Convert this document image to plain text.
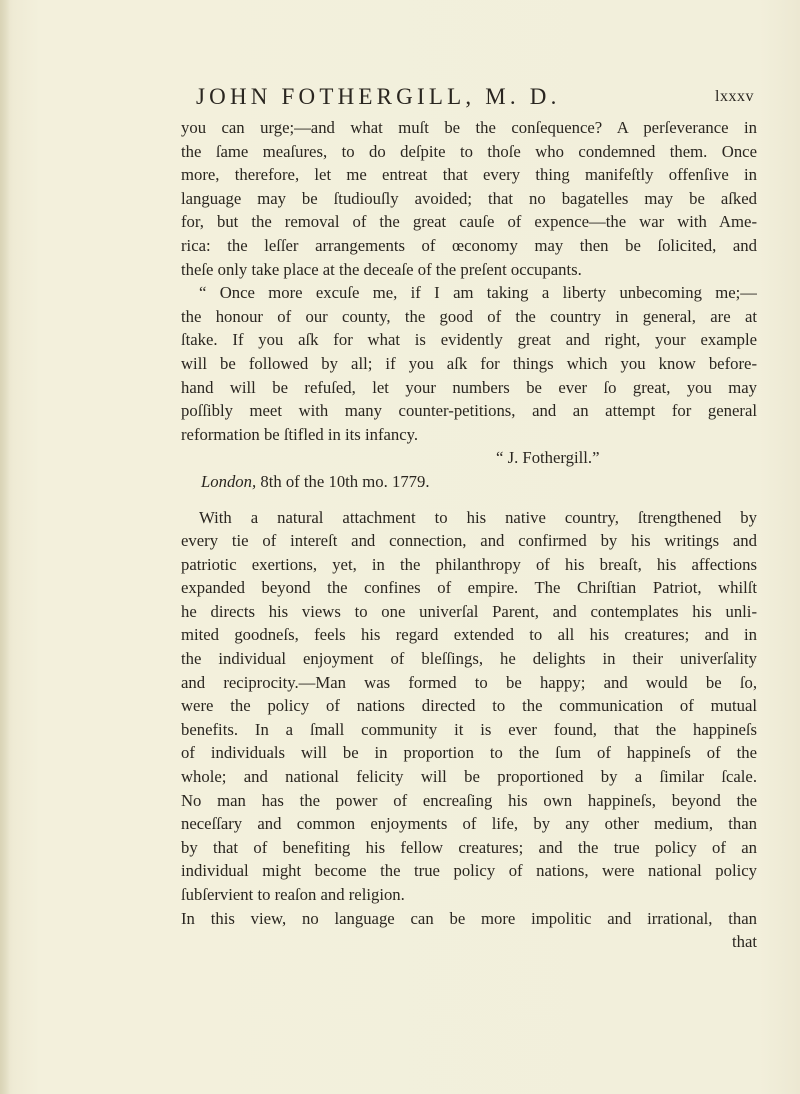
JOHN FOTHERGILL, M. D.	lxxxv
you can urge;—and what muſt be the conſequence? A perſeverance in
the ſame meaſures, to do deſpite to thoſe who condemned them. Once
more, therefore, let me entreat that every thing manifeſtly offenſive in
language may be ſtudiouſly avoided; that no bagatelles may be aſked
for, but the removal of the great cauſe of expence—the war with Ame-
rica: the leſſer arrangements of œconomy may then be ſolicited, and
theſe only take place at the deceaſe of the preſent occupants.
“ Once more excuſe me, if I am taking a liberty unbecoming me;—
the honour of our county, the good of the country in general, are at
ſtake. If you aſk for what is evidently great and right, your example
will be followed by all; if you aſk for things which you know before-
hand will be refuſed, let your numbers be ever ſo great, you may
poſſibly meet with many counter-petitions, and an attempt for general
reformation be ſtifled in its infancy.
“ J. Fothergill.”
London, 8th of the 10th mo. 1779.
With a natural attachment to his native country, ſtrengthened by
every tie of intereſt and connection, and confirmed by his writings and
patriotic exertions, yet, in the philanthropy of his breaſt, his affections
expanded beyond the confines of empire. The Chriſtian Patriot, whilſt
he directs his views to one univerſal Parent, and contemplates his unli-
mited goodneſs, feels his regard extended to all his creatures; and in
the individual enjoyment of bleſſings, he delights in their univerſality
and reciprocity.—Man was formed to be happy; and would be ſo,
were the policy of nations directed to the communication of mutual
benefits. In a ſmall community it is ever found, that the happineſs
of individuals will be in proportion to the ſum of happineſs of the
whole; and national felicity will be proportioned by a ſimilar ſcale.
No man has the power of encreaſing his own happineſs, beyond the
neceſſary and common enjoyments of life, by any other medium, than
by that of benefiting his fellow creatures; and the true policy of an
individual might become the true policy of nations, were national policy
ſubſervient to reaſon and religion.
In this view, no language can be more impolitic and irrational, than
that
